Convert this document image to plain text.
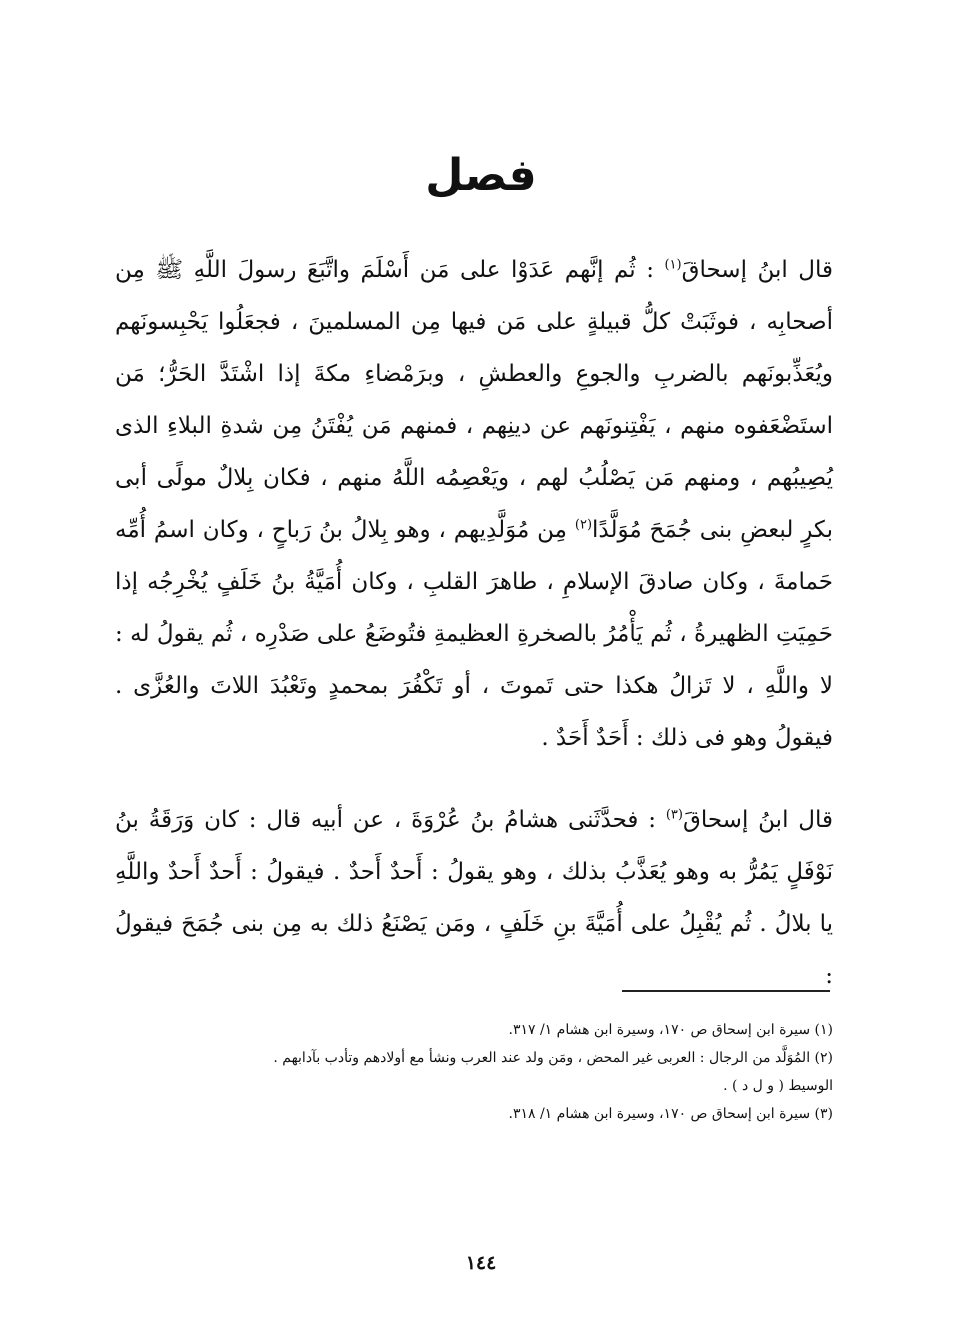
فصل

قال ابنُ إسحاقَ$^{(١)}$ : ثُم إنَّهم عَدَوْا على مَن أَسْلَمَ واتَّبَعَ رسولَ اللَّهِ ﷺ مِن أصحابِه ، فوثَبَتْ كلُّ قبيلةٍ على مَن فيها مِن المسلمينَ ، فجعَلُوا يَحْبِسونَهم ويُعَذِّبونَهم بالضربِ والجوعِ والعطشِ ، وبرَمْضاءِ مكةَ إذا اشْتَدَّ الحَرُّ؛ مَن استَضْعَفوه منهم ، يَفْتِنونَهم عن دينِهم ، فمنهم مَن يُفْتَنُ مِن شدةِ البلاءِ الذى يُصِيبُهم ، ومنهم مَن يَصْلُبُ لهم ، ويَعْصِمُه اللَّهُ منهم ، فكان بِلالٌ مولًى أبى بكرٍ لبعضِ بنى جُمَحَ مُوَلَّدًا$^{(٢)}$ مِن مُوَلَّدِيهم ، وهو بِلالُ بنُ رَباحٍ ، وكان اسمُ أُمِّه حَمامةَ ، وكان صادقَ الإسلامِ ، طاهرَ القلبِ ، وكان أُمَيَّةُ بنُ خَلَفٍ يُخْرِجُه إذا حَمِيَتِ الظهيرةُ ، ثُم يَأْمُرُ بالصخرةِ العظيمةِ فتُوضَعُ على صَدْرِه ، ثُم يقولُ له : لا واللَّهِ ، لا تَزالُ هكذا حتى تَموتَ ، أو تَكْفُرَ بمحمدٍ وتَعْبُدَ اللاتَ والعُزَّى . فيقولُ وهو فى ذلك : أَحَدٌ أَحَدٌ .

قال ابنُ إسحاقَ$^{(٣)}$ : فحدَّثَنى هشامُ بنُ عُرْوَةَ ، عن أبيه قال : كان وَرَقَةُ بنُ نَوْفَلٍ يَمُرُّ به وهو يُعَذَّبُ بذلك ، وهو يقولُ : أَحدٌ أَحدٌ . فيقولُ : أَحدٌ أَحدٌ واللَّهِ يا بلالُ . ثُم يُقْبِلُ على أُمَيَّةَ بنِ خَلَفٍ ، ومَن يَصْنَعُ ذلك به مِن بنى جُمَحَ فيقولُ :

(١) سيرة ابن إسحاق ص ١٧٠، وسيرة ابن هشام ١/ ٣١٧.

(٢) المُوَلَّد من الرجال : العربى غير المحض ، ومَن ولد عند العرب ونشأ مع أولادهم وتأدب بآدابهم .

الوسيط ( و ل د ) .

(٣) سيرة ابن إسحاق ص ١٧٠، وسيرة ابن هشام ١/ ٣١٨.

١٤٤
